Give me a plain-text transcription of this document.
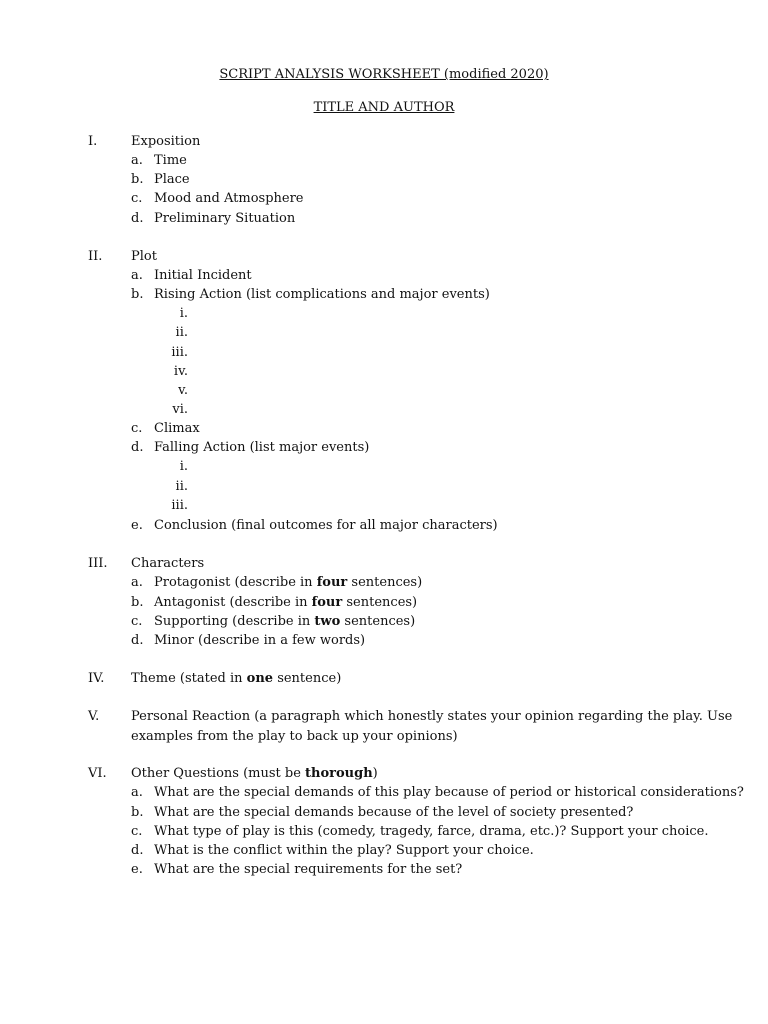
SCRIPT ANALYSIS WORKSHEET (modified 2020)
TITLE AND AUTHOR
I.	Exposition
a. Time
b. Place
c. Mood and Atmosphere
d. Preliminary Situation
II. Plot
a. Initial Incident
b. Rising Action (list complications and major events)
i.
ii.
iii.
iv.
v.
vi.
c. Climax
d. Falling Action (list major events)
i.
ii.
iii.
e. Conclusion (final outcomes for all major characters)
III. Characters
a. Protagonist (describe in four sentences)
b. Antagonist (describe in four sentences)
c. Supporting (describe in two sentences)
d. Minor (describe in a few words)
IV. Theme (stated in one sentence)
V. Personal Reaction (a paragraph which honestly states your opinion regarding the play. Use
examples from the play to back up your opinions)
VI. Other Questions (must be thorough)
a. What are the special demands of this play because of period or historical considerations?
b. What are the special demands because of the level of society presented?
c. What type of play is this (comedy, tragedy, farce, drama, etc.)? Support your choice.
d. What is the conflict within the play? Support your choice.
e. What are the special requirements for the set?
